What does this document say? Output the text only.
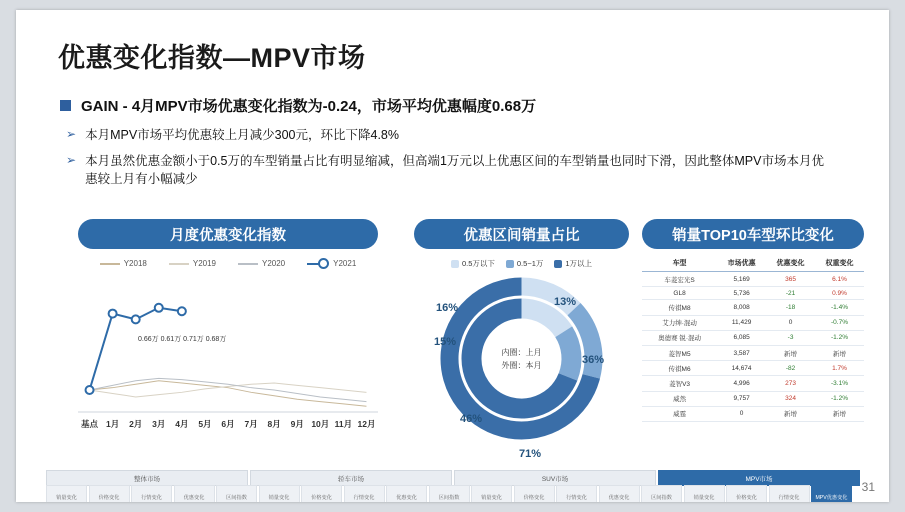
优惠变化指数—MPV市场
GAIN - 4月MPV市场优惠变化指数为-0.24，市场平均优惠幅度0.68万
➢ 本月MPV市场平均优惠较上月减少300元，环比下降4.8%
➢ 本月虽然优惠金额小于0.5万的车型销量占比有明显缩减，但高端1万元以上优惠区间的车型销量也同时下滑，因此整体MPV市场本月优惠较上月有小幅减少
月度优惠变化指数	优惠区间销量占比	销量TOP10车型环比变化
Y2018	Y2019	Y2020	Y2021
0.66万 0.61万 0.71万 0.68万
基点 1月	2月	3月	4月	5月	6月	7月	8月	9月 10月 11月 12月
0.5万以下	0.5~1万	1万以上
内圈：上月
外圈：本月
16%	13%
15%
36%
46%
71%
车型	市场优惠	优惠变化	权重变化
车菱宏光S	5,169	365	6.1%
GL8	5,736	-21	0.9%
传祺M8	8,008	-18	-1.4%
艾力绅·混动	11,429	0	-0.7%
奥德赛 锐·混动	6,085	-3	-1.2%
菱智M5	3,587	新增	新增
传祺M6	14,674	-82	1.7%
菱智V3	4,996	273	-3.1%
威然	9,757	324	-1.2%
威霆	0	新增	新增
整体市场	轿车市场	SUV市场	MPV市场
销量 变化	价格 变化	行情 变化	优惠 变化	区间 指数	销量 变化	价格 变化	行情 变化	优惠 变化	区间 指数	销量 变化	价格 变化	行情 变化	优惠 变化	区间 指数	销量 变化	价格 变化	行情 变化	MPV 优惠变化
31
